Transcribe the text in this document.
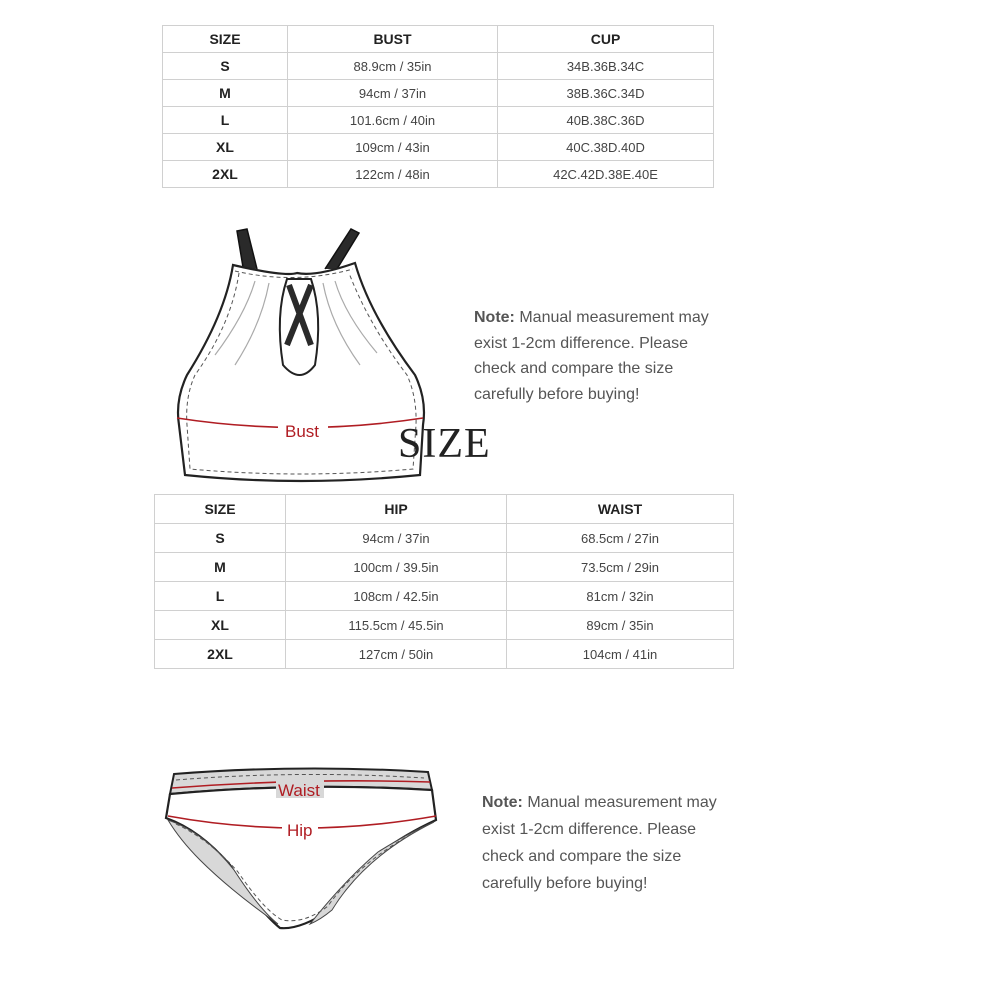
SIZE	BUST	CUP
S	88.9cm / 35in	34B.36B.34C
M	94cm / 37in	38B.36C.34D
L	101.6cm / 40in	40B.38C.36D
XL	109cm / 43in	40C.38D.40D
2XL	122cm / 48in	42C.42D.38E.40E
Bust
Note: Manual measurement may
exist 1-2cm difference. Please
check and compare the size
carefully before buying!
SIZE
SIZE	HIP	WAIST
S	94cm / 37in	68.5cm / 27in
M	100cm / 39.5in	73.5cm / 29in
L	108cm / 42.5in	81cm / 32in
XL	115.5cm / 45.5in	89cm / 35in
2XL	127cm / 50in	104cm / 41in
Waist
Hip
Note: Manual measurement may
exist 1-2cm difference. Please
check and compare the size
carefully before buying!
